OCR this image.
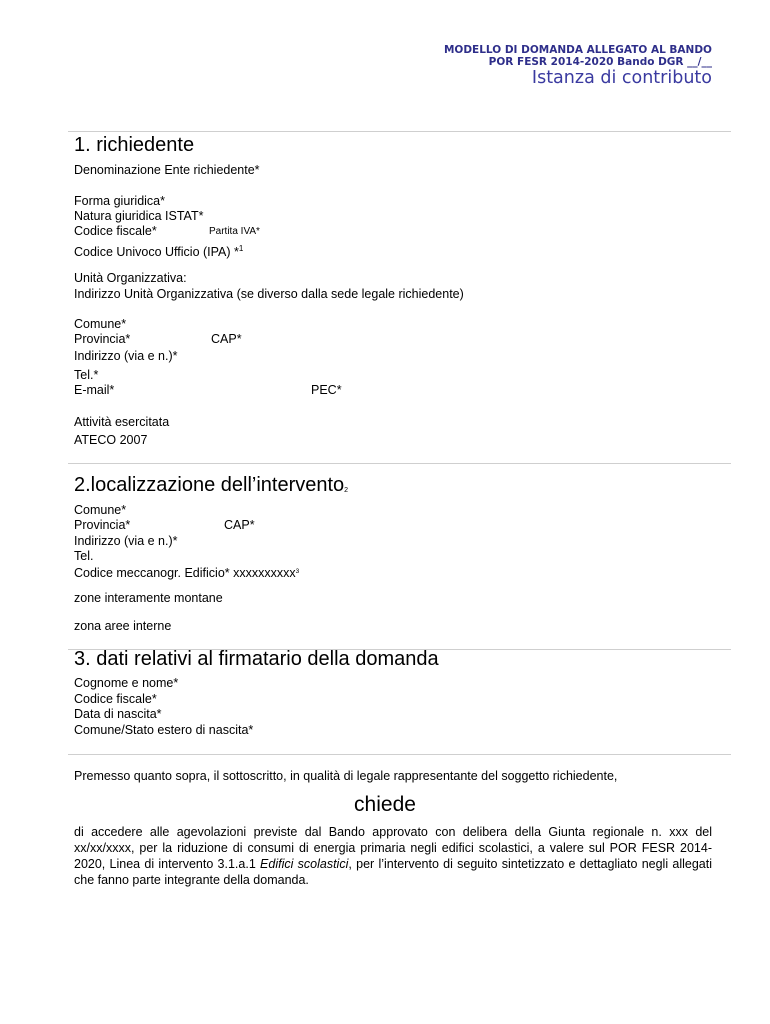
MODELLO DI DOMANDA ALLEGATO AL BANDO
POR FESR 2014-2020 Bando DGR __/__
Istanza di contributo
1. richiedente
Denominazione Ente richiedente*
Forma giuridica*
Natura giuridica ISTAT*
Codice fiscale*	Partita IVA*
Codice Univoco Ufficio (IPA) *$^1$
Unità Organizzativa:
Indirizzo Unità Organizzativa (se diverso dalla sede legale richiedente)
Comune*
Provincia*	CAP*
Indirizzo (via e n.)*
Tel.*
E-mail*	PEC*
Attività esercitata
ATECO 2007
2.localizzazione dell’intervento2
Comune*
Provincia*	CAP*
Indirizzo (via e n.)*
Tel.
Codice meccanogr. Edificio* xxxxxxxxxx$^3$
zone interamente montane
zona aree interne
3. dati relativi al firmatario della domanda
Cognome e nome*
Codice fiscale*
Data di nascita*
Comune/Stato estero di nascita*
Premesso quanto sopra, il sottoscritto, in qualità di legale rappresentante del soggetto richiedente,
chiede
di accedere alle agevolazioni previste dal Bando approvato con delibera della Giunta regionale n. xxx del xx/xx/xxxx, per la riduzione di consumi di energia primaria negli edifici scolastici, a valere sul POR FESR 2014-2020, Linea di intervento 3.1.a.1 Edifici scolastici, per l’intervento di seguito sintetizzato e dettagliato negli allegati che fanno parte integrante della domanda.
